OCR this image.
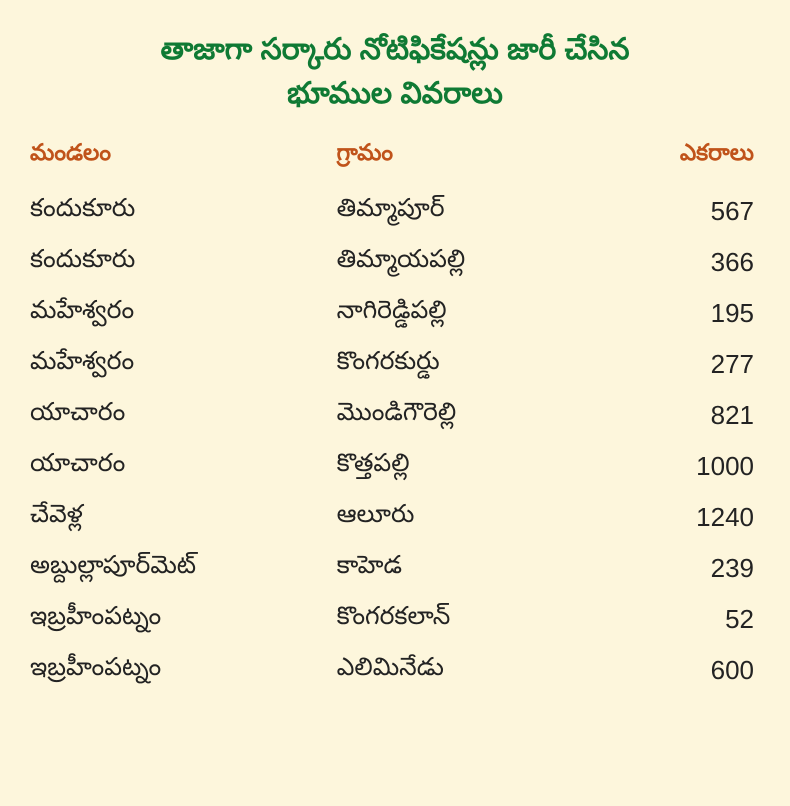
తాజాగా సర్కారు నోటిఫికేషన్లు జారీ చేసిన
భూముల వివరాలు
మండలం	గ్రామం	ఎకరాలు
కందుకూరు	తిమ్మాపూర్	567
కందుకూరు	తిమ్మాయపల్లి	366
మహేశ్వరం	నాగిరెడ్డిపల్లి	195
మహేశ్వరం	కొంగరకుర్డు	277
యాచారం	మొండిగౌరెల్లి	821
యాచారం	కొత్తపల్లి	1000
చేవెళ్ల	ఆలూరు	1240
అబ్దుల్లాపూర్‌మెట్	కాహెడ	239
ఇబ్రహీంపట్నం	కొంగరకలాన్	52
ఇబ్రహీంపట్నం	ఎలిమినేడు	600
